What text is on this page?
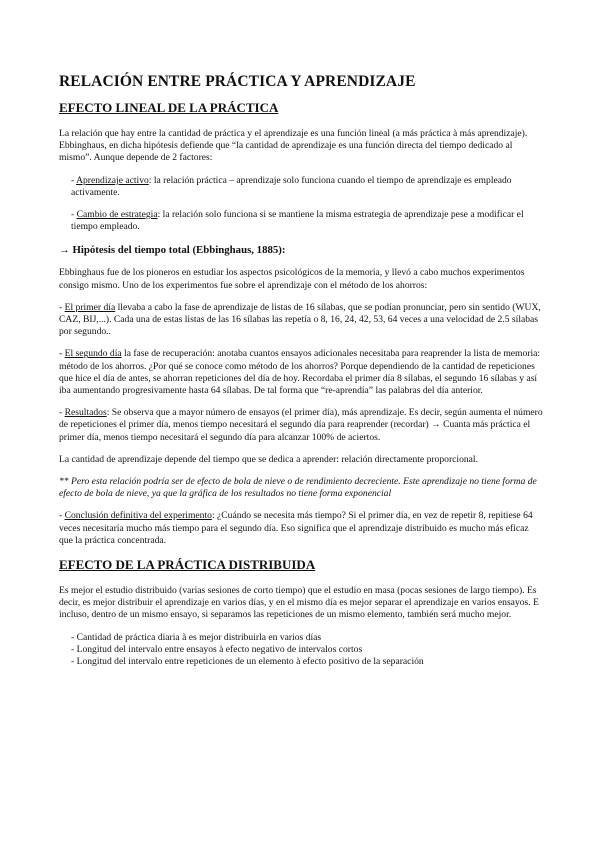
RELACIÓN ENTRE PRÁCTICA Y APRENDIZAJE
EFECTO LINEAL DE LA PRÁCTICA

La relación que hay entre la cantidad de práctica y el aprendizaje es una función lineal (a más práctica à más aprendizaje). Ebbinghaus, en dicha hipótesis defiende que “la cantidad de aprendizaje es una función directa del tiempo dedicado al mismo”. Aunque depende de 2 factores:

- Aprendizaje activo: la relación práctica – aprendizaje solo funciona cuando el tiempo de aprendizaje es empleado activamente.

- Cambio de estrategia: la relación solo funciona si se mantiene la misma estrategia de aprendizaje pese a modificar el tiempo empleado.

→ Hipótesis del tiempo total (Ebbinghaus, 1885):

Ebbinghaus fue de los pioneros en estudiar los aspectos psicológicos de la memoria, y llevó a cabo muchos experimentos consigo mismo. Uno de los experimentos fue sobre el aprendizaje con el método de los ahorros:

- El primer día llevaba a cabo la fase de aprendizaje de listas de 16 sílabas, que se podían pronunciar, pero sin sentido (WUX, CAZ, BIJ,...). Cada una de estas listas de las 16 sílabas las repetía o 8, 16, 24, 42, 53, 64 veces a una velocidad de 2.5 sílabas por segundo..

- El segundo día la fase de recuperación: anotaba cuantos ensayos adicionales necesitaba para reaprender la lista de memoria: método de los ahorros. ¿Por qué se conoce como método de los ahorros? Porque dependiendo de la cantidad de repeticiones que hice el día de antes, se ahorran repeticiones del día de hoy. Recordaba el primer día 8 sílabas, el segundo 16 sílabas y así iba aumentando progresivamente hasta 64 sílabas. De tal forma que “re-aprendía” las palabras del día anterior.

- Resultados: Se observa que a mayor número de ensayos (el primer día), más aprendizaje. Es decir, según aumenta el número de repeticiones el primer día, menos tiempo necesitará el segundo día para reaprender (recordar) → Cuanta más práctica el primer día, menos tiempo necesitará el segundo día para alcanzar 100% de aciertos.

La cantidad de aprendizaje depende del tiempo que se dedica a aprender: relación directamente proporcional.

** Pero esta relación podría ser de efecto de bola de nieve o de rendimiento decreciente. Este aprendizaje no tiene forma de efecto de bola de nieve, ya que la gráfica de los resultados no tiene forma exponencial

- Conclusión definitiva del experimento: ¿Cuándo se necesita más tiempo? Si el primer día, en vez de repetir 8, repitiese 64 veces necesitaría mucho más tiempo para el segundo día. Eso significa que el aprendizaje distribuido es mucho más eficaz que la práctica concentrada.

EFECTO DE LA PRÁCTICA DISTRIBUIDA

Es mejor el estudio distribuido (varias sesiones de corto tiempo) que el estudio en masa (pocas sesiones de largo tiempo). Es decir, es mejor distribuir el aprendizaje en varios días, y en el mismo día es mejor separar el aprendizaje en varios ensayos. E incluso, dentro de un mismo ensayo, si separamos las repeticiones de un mismo elemento, también será mucho mejor.

- Cantidad de práctica diaria à es mejor distribuirla en varios días
- Longitud del intervalo entre ensayos à efecto negativo de intervalos cortos
- Longitud del intervalo entre repeticiones de un elemento à efecto positivo de la separación
